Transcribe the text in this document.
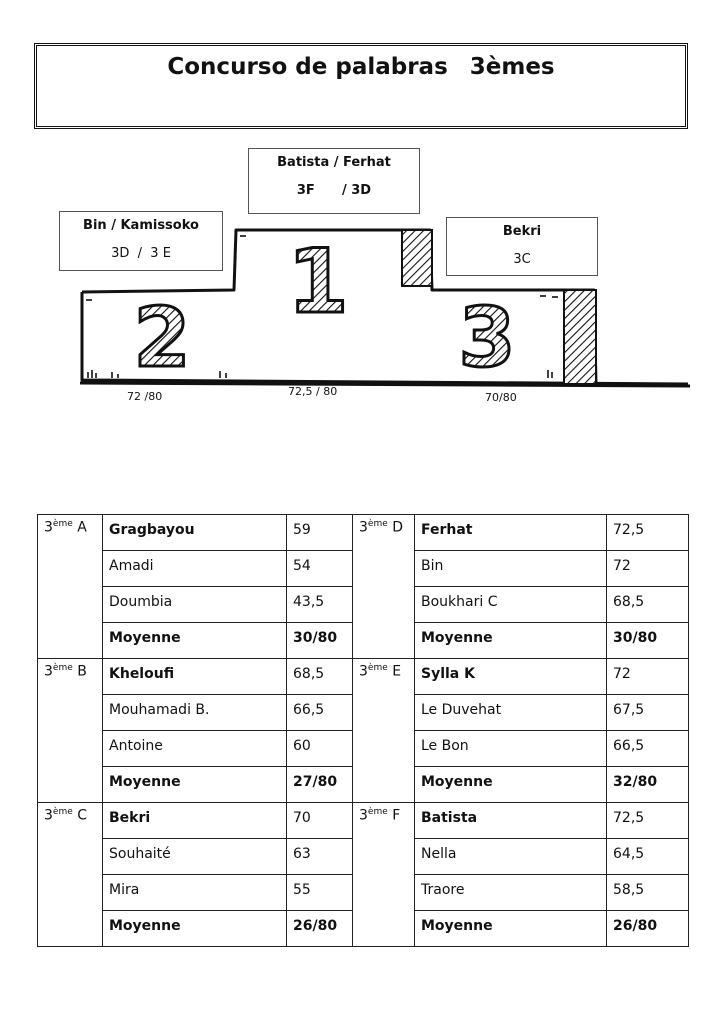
Concurso de palabras 3èmes
1
2	3
Batista / Ferhat
3F      / 3D
Bin / Kamissoko
3D  /  3 E
Bekri
3C
72 /80	72,5 / 80	70/80
3ème A	Gragbayou	59	3ème D	Ferhat	72,5
	Amadi	54		Bin	72
	Doumbia	43,5		Boukhari C	68,5
	Moyenne	30/80		Moyenne	30/80
3ème B	Kheloufi	68,5	3ème E	Sylla K	72
	Mouhamadi B.	66,5		Le Duvehat	67,5
	Antoine	60		Le Bon	66,5
	Moyenne	27/80		Moyenne	32/80
3ème C	Bekri	70	3ème F	Batista	72,5
	Souhaité	63		Nella	64,5
	Mira	55		Traore	58,5
	Moyenne	26/80		Moyenne	26/80
